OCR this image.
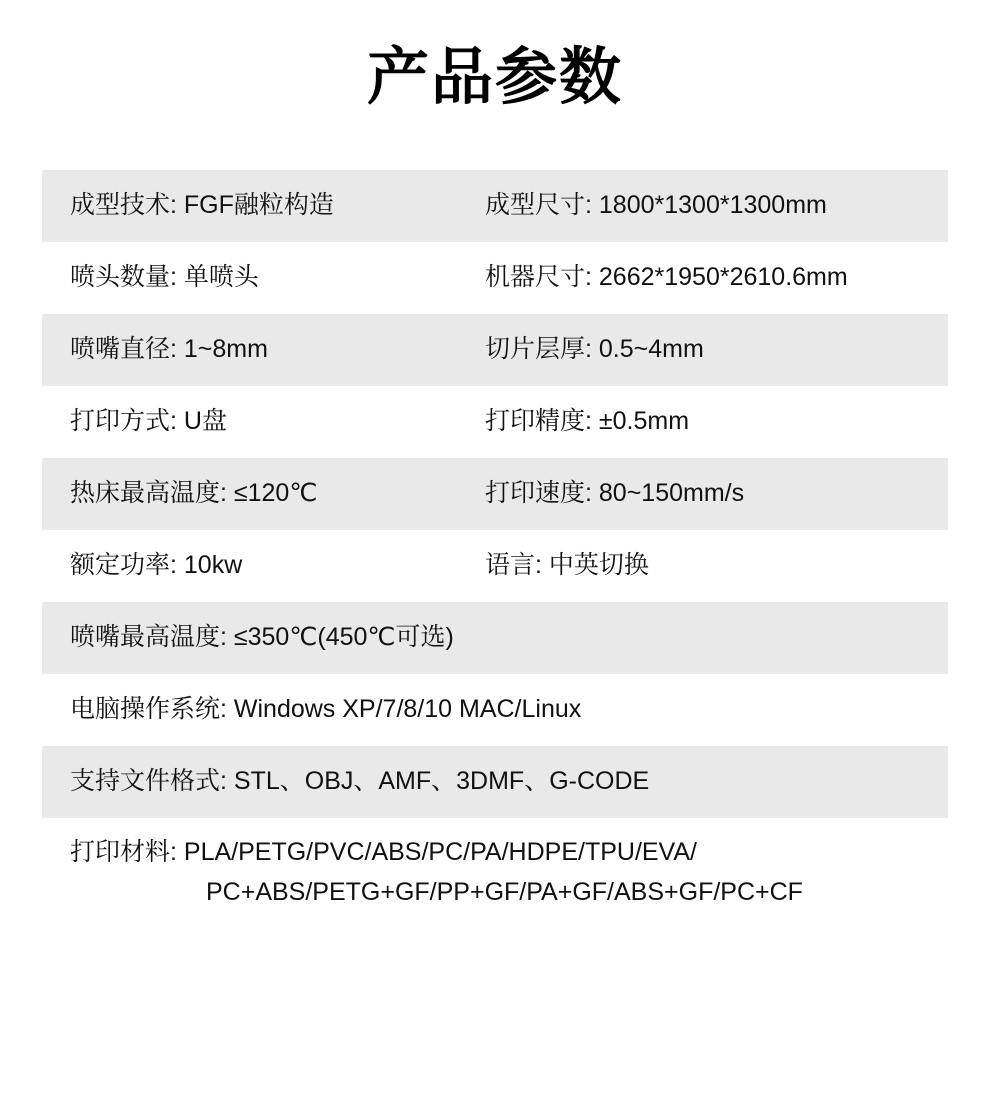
产品参数
成型技术: FGF融粒构造	成型尺寸: 1800*1300*1300mm
喷头数量: 单喷头	机器尺寸: 2662*1950*2610.6mm
喷嘴直径: 1~8mm	切片层厚: 0.5~4mm
打印方式: U盘	打印精度: ±0.5mm
热床最高温度: ≤120℃	打印速度: 80~150mm/s
额定功率: 10kw	语言: 中英切换
喷嘴最高温度: ≤350℃(450℃可选)
电脑操作系统: Windows XP/7/8/10 MAC/Linux
支持文件格式: STL、OBJ、AMF、3DMF、G-CODE
打印材料: PLA/PETG/PVC/ABS/PC/PA/HDPE/TPU/EVA/
PC+ABS/PETG+GF/PP+GF/PA+GF/ABS+GF/PC+CF
